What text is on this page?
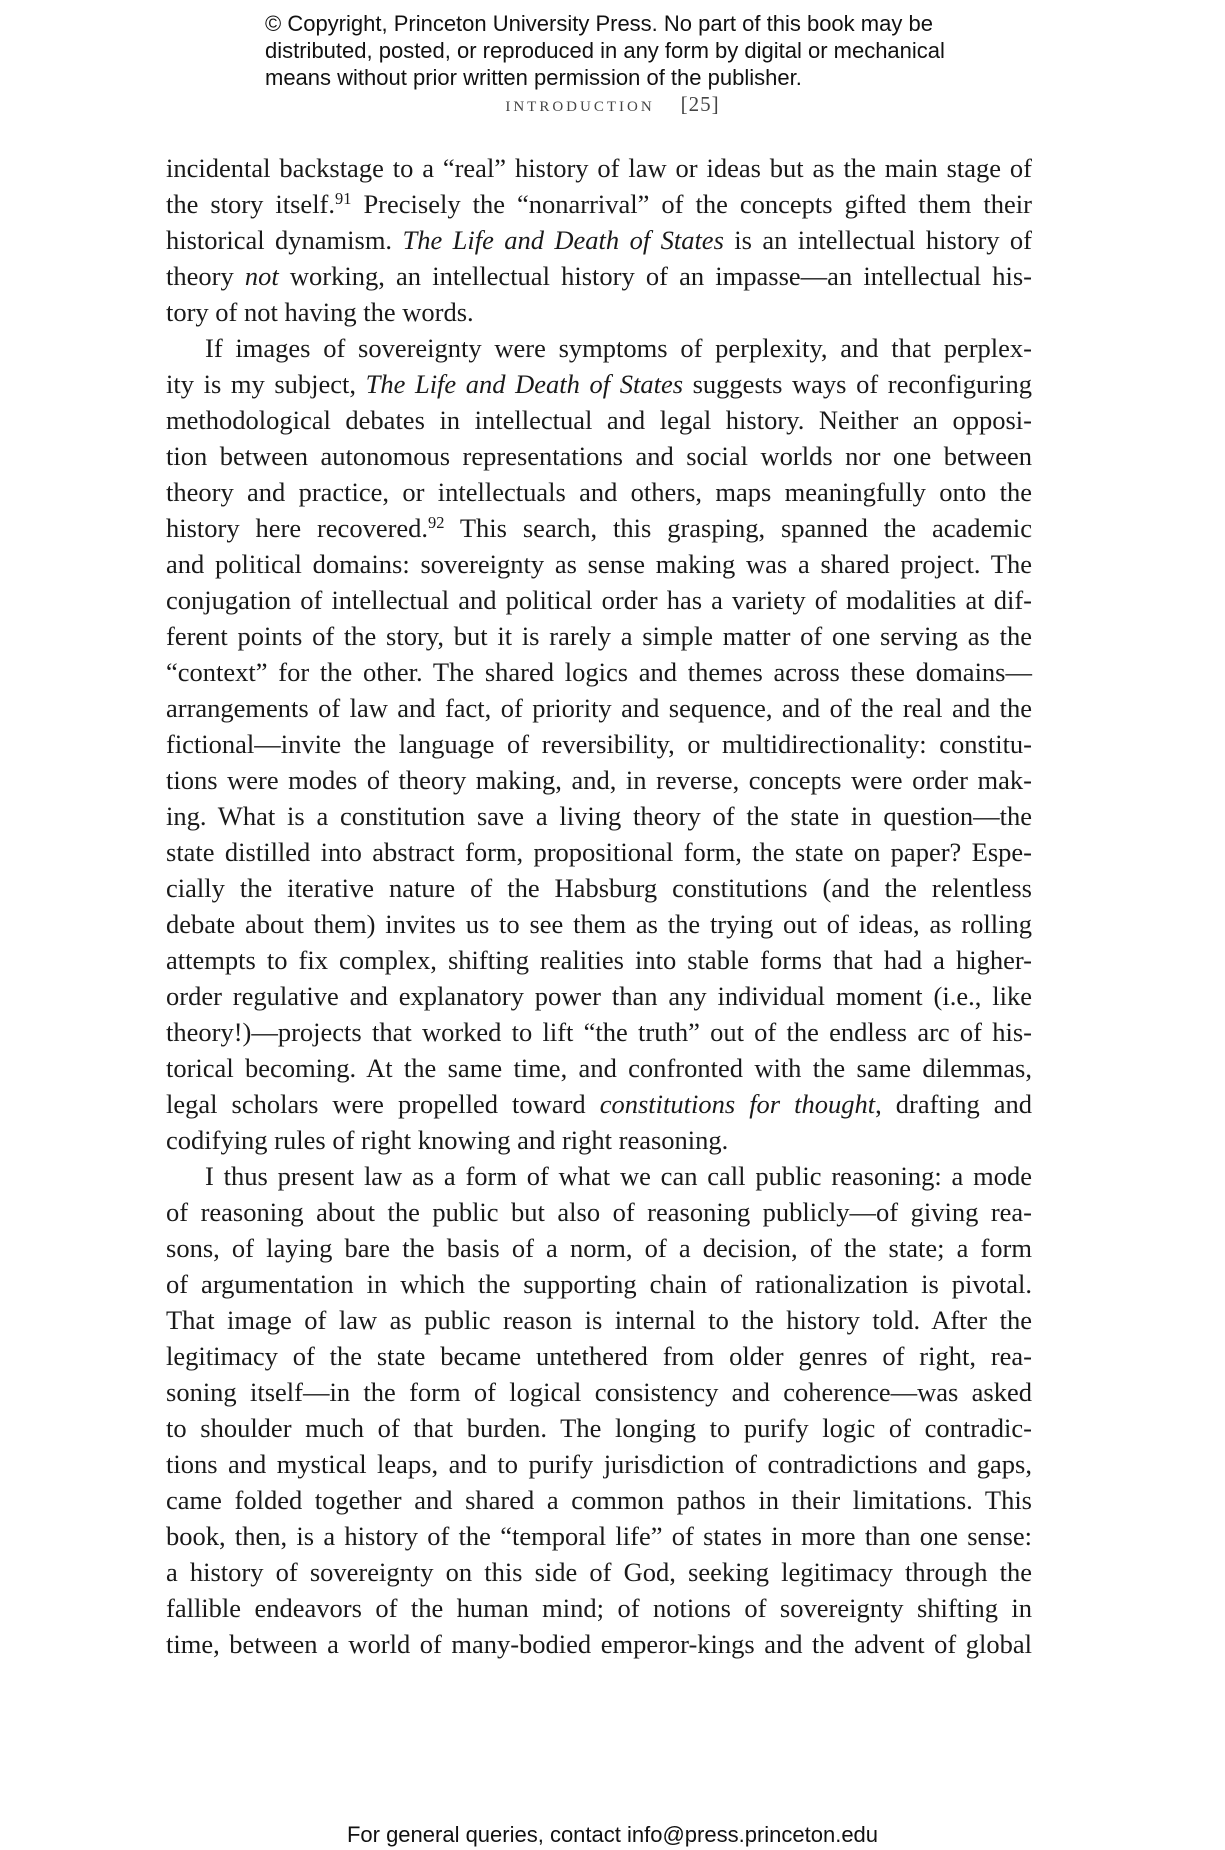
© Copyright, Princeton University Press. No part of this book may be
distributed, posted, or reproduced in any form by digital or mechanical
means without prior written permission of the publisher.
introduction [25]
incidental backstage to a “real” history of law or ideas but as the main stage of
the story itself.$^{91}$ Precisely the “nonarrival” of the concepts gifted them their
historical dynamism. The Life and Death of States is an intellectual history of
theory not working, an intellectual history of an impasse—an intellectual his-
tory of not having the words.
If images of sovereignty were symptoms of perplexity, and that perplex-
ity is my subject, The Life and Death of States suggests ways of reconfiguring
methodological debates in intellectual and legal history. Neither an opposi-
tion between autonomous representations and social worlds nor one between
theory and practice, or intellectuals and others, maps meaningfully onto the
history here recovered.$^{92}$ This search, this grasping, spanned the academic
and political domains: sovereignty as sense making was a shared project. The
conjugation of intellectual and political order has a variety of modalities at dif-
ferent points of the story, but it is rarely a simple matter of one serving as the
“context” for the other. The shared logics and themes across these domains—
arrangements of law and fact, of priority and sequence, and of the real and the
fictional—invite the language of reversibility, or multidirectionality: constitu-
tions were modes of theory making, and, in reverse, concepts were order mak-
ing. What is a constitution save a living theory of the state in question—the
state distilled into abstract form, propositional form, the state on paper? Espe-
cially the iterative nature of the Habsburg constitutions (and the relentless
debate about them) invites us to see them as the trying out of ideas, as rolling
attempts to fix complex, shifting realities into stable forms that had a higher-
order regulative and explanatory power than any individual moment (i.e., like
theory!)—projects that worked to lift “the truth” out of the endless arc of his-
torical becoming. At the same time, and confronted with the same dilemmas,
legal scholars were propelled toward constitutions for thought, drafting and
codifying rules of right knowing and right reasoning.
I thus present law as a form of what we can call public reasoning: a mode
of reasoning about the public but also of reasoning publicly—of giving rea-
sons, of laying bare the basis of a norm, of a decision, of the state; a form
of argumentation in which the supporting chain of rationalization is pivotal.
That image of law as public reason is internal to the history told. After the
legitimacy of the state became untethered from older genres of right, rea-
soning itself—in the form of logical consistency and coherence—was asked
to shoulder much of that burden. The longing to purify logic of contradic-
tions and mystical leaps, and to purify jurisdiction of contradictions and gaps,
came folded together and shared a common pathos in their limitations. This
book, then, is a history of the “temporal life” of states in more than one sense:
a history of sovereignty on this side of God, seeking legitimacy through the
fallible endeavors of the human mind; of notions of sovereignty shifting in
time, between a world of many-bodied emperor-kings and the advent of global
For general queries, contact info@press.princeton.edu
